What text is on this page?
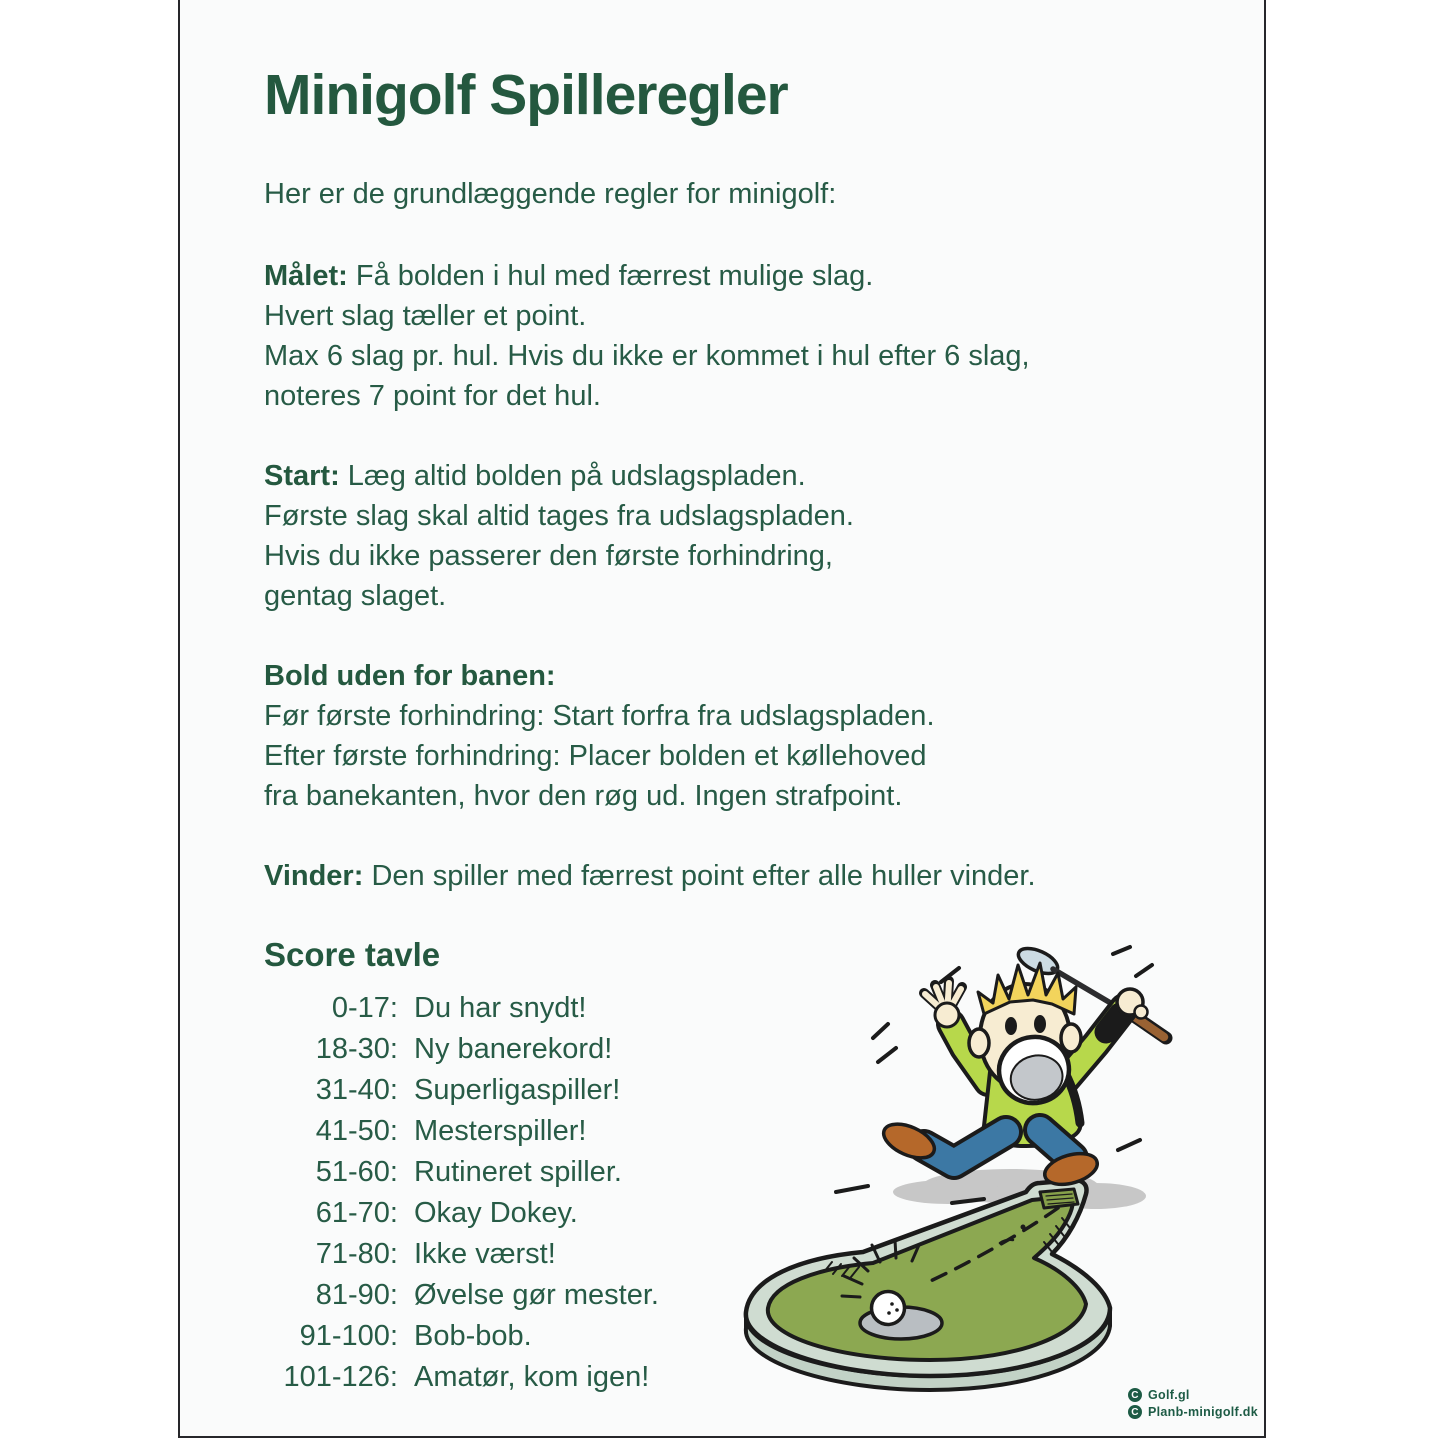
Minigolf Spilleregler

Her er de grundlæggende regler for minigolf:

Målet: Få bolden i hul med færrest mulige slag.
Hvert slag tæller et point.
Max 6 slag pr. hul. Hvis du ikke er kommet i hul efter 6 slag,
noteres 7 point for det hul.

Start: Læg altid bolden på udslagspladen.
Første slag skal altid tages fra udslagspladen.
Hvis du ikke passerer den første forhindring,
gentag slaget.

Bold uden for banen:
Før første forhindring: Start forfra fra udslagspladen.
Efter første forhindring: Placer bolden et køllehoved
fra banekanten, hvor den røg ud. Ingen strafpoint.

Vinder: Den spiller med færrest point efter alle huller vinder.

Score tavle
0-17: Du har snydt!
18-30: Ny banerekord!
31-40: Superligaspiller!
41-50: Mesterspiller!
51-60: Rutineret spiller.
61-70: Okay Dokey.
71-80: Ikke værst!
81-90: Øvelse gør mester.
91-100: Bob-bob.
101-126: Amatør, kom igen!
C Golf.gl
C Planb-minigolf.dk
